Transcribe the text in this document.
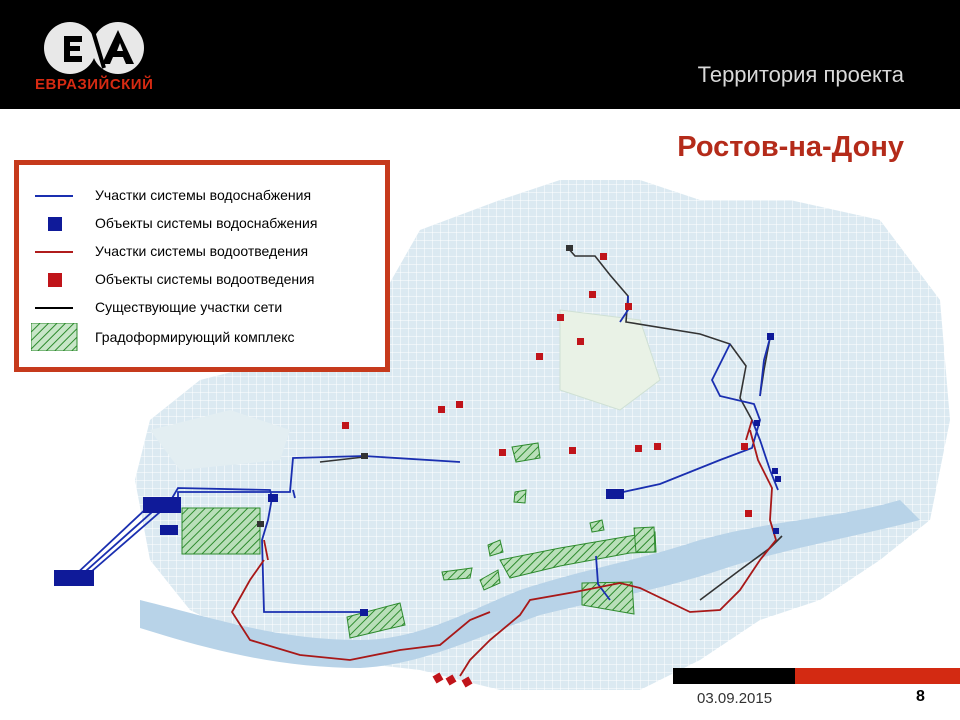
ЕВРАЗИЙСКИЙ	Территория проекта
Ростов-на-Дону
Участки системы водоснабжения
Объекты системы водоснабжения
Участки системы водоотведения
Объекты системы водоотведения
Существующие участки сети
Градоформирующий комплекс
03.09.2015	8
